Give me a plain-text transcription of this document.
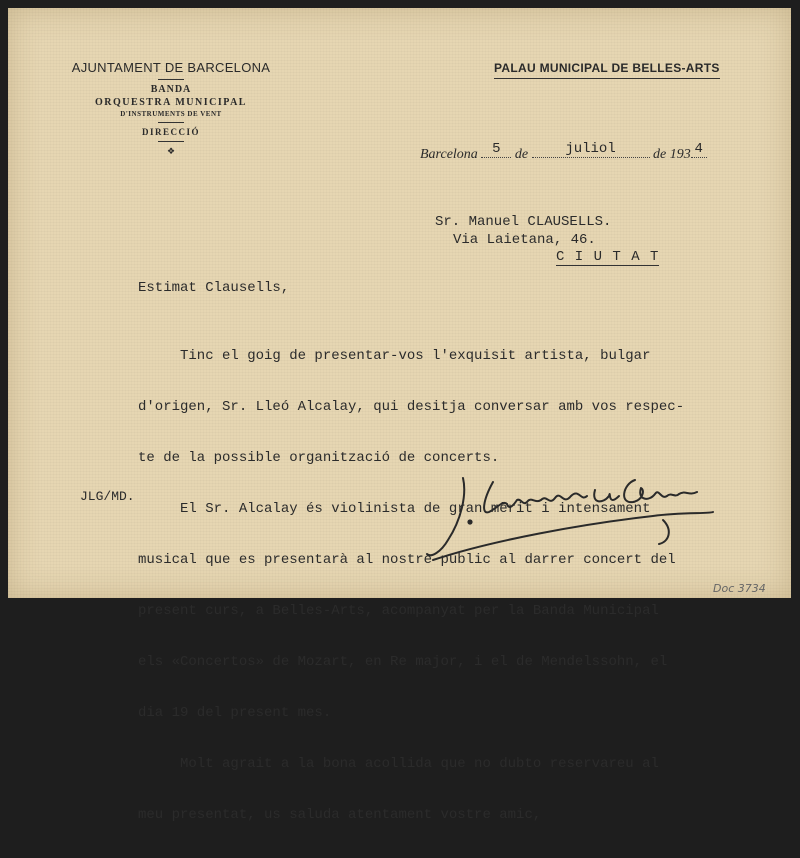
AJUNTAMENT DE BARCELONA
BANDA
ORQUESTRA MUNICIPAL
D'INSTRUMENTS DE VENT
DIRECCIÓ
❖
PALAU MUNICIPAL DE BELLES-ARTS
Barcelona 5 de	juliol	de 193 4
Sr. Manuel CLAUSELLS.
Via Laietana, 46.
C I U T A T
Estimat Clausells,

Tinc el goig de presentar-vos l'exquisit artista, bulgar

d'origen, Sr. Lleó Alcalay, qui desitja conversar amb vos respec-

te de la possible organització de concerts.

El Sr. Alcalay és violinista de gran mèrit i intensament

musical que es presentarà al nostre públic al darrer concert del

present curs, a Belles-Arts, acompanyat per la Banda Municipal

els «Concertos» de Mozart, en Re major, i el de Mendelssohn, el

dia 19 del present mes.

Molt agrait a la bona acollida que no dubto reservareu al

meu presentat, us saluda atentament vostre amic,

JLG/MD.
Doc 3734
